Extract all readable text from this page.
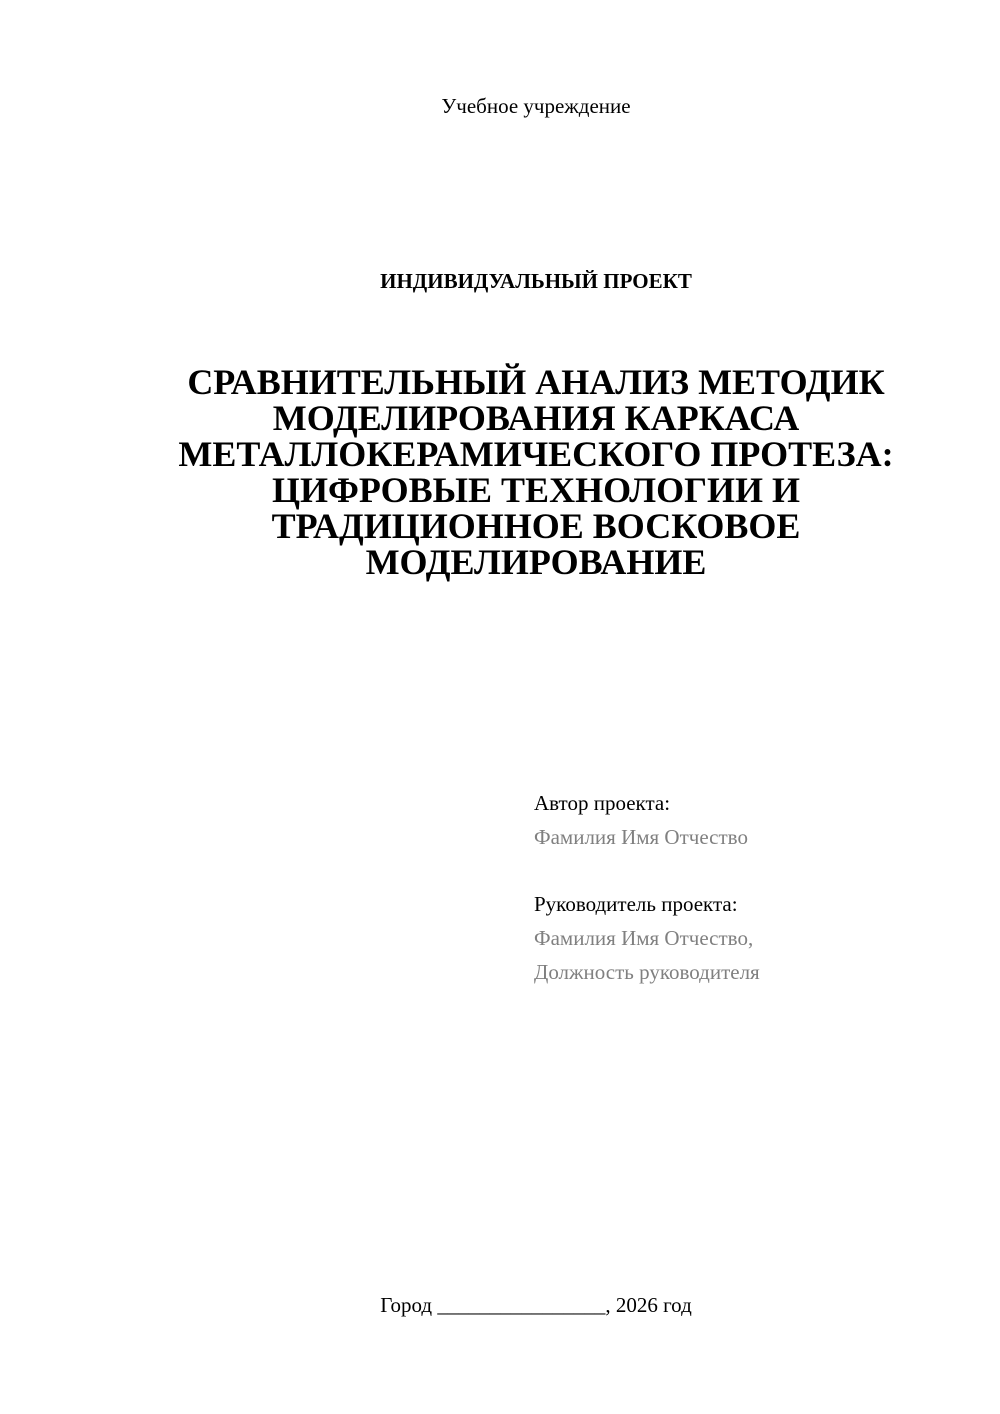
Учебное учреждение
ИНДИВИДУАЛЬНЫЙ ПРОЕКТ
СРАВНИТЕЛЬНЫЙ АНАЛИЗ МЕТОДИК
МОДЕЛИРОВАНИЯ КАРКАСА
МЕТАЛЛОКЕРАМИЧЕСКОГО ПРОТЕЗА:
ЦИФРОВЫЕ ТЕХНОЛОГИИ И
ТРАДИЦИОННОЕ ВОСКОВОЕ
МОДЕЛИРОВАНИЕ
Автор проекта:
Фамилия Имя Отчество
Руководитель проекта:
Фамилия Имя Отчество,
Должность руководителя
Город ________________, 2026 год
